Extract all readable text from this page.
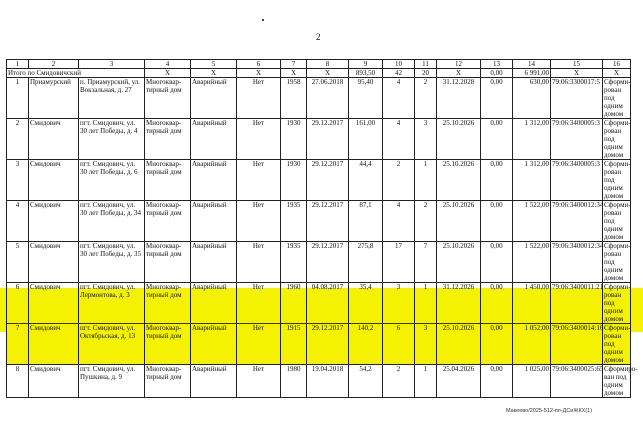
2
1	2	3	4	5	6	7	8	9	10	11	12	13	14	15	16
Итого по Смидовичский			X	X	X	X	X	893,50	42	20	X	0,00	6 991,00	X	X
1	Приамурский	п. Приамурский, ул. Вокзальная, д. 27	Многоквар-тирный дом	Аварийный	Нет	1958	27.06.2018	95,40	4	2	31.12.2028	0,00	630,00	79:06:3300017:5	Сформи-рован под одним домом
2	Смидович	пгт. Смидович, ул. 30 лет Победы, д. 4	Многоквар-тирный дом	Аварийный	Нет	1930	29.12.2017	161,00	4	3	25.10.2026	0,00	1 312,00	79:06:3400005:3	Сформи-рован под одним домом
3	Смидович	пгт. Смидович, ул. 30 лет Победы, д. 6	Многоквар-тирный дом	Аварийный	Нет	1930	29.12.2017	44,4	2	1	25.10.2026	0,00	1 312,00	79:06:3400005:3	Сформи-рован под одним домом
4	Смидович	пгт. Смидович, ул. 30 лет Победы, д. 34	Многоквар-тирный дом	Аварийный	Нет	1935	29.12.2017	87,1	4	2	25.10.2026	0,00	1 522,00	79:06:3400012:34	Сформи-рован под одним домом
5	Смидович	пгт. Смидович, ул. 30 лет Победы, д. 35	Многоквар-тирный дом	Аварийный	Нет	1935	29.12.2017	275,8	17	7	25.10.2026	0,00	1 522,00	79:06:3400012:34	Сформи-рован под одним домом
6	Смидович	пгт. Смидович, ул. Лермонтова, д. 3	Многоквар-тирный дом	Аварийный	Нет	1960	04.08.2017	35,4	3	1	31.12.2026	0,00	1 450,00	79:06:3400011:21	Сформи-рован под одним домом
7	Смидович	пгт. Смидович, ул. Октябрьская, д. 13	Многоквар-тирный дом	Аварийный	Нет	1915	29.12.2017	140,2	6	3	25.10.2026	0,00	1 052,00	79:06:3400014:16	Сформи-рован под одним домом
8	Смидович	пгт. Смидович, ул. Пушкина, д. 9	Многоквар-тирный дом	Аварийный	Нет	1980	19.04.2018	54,2	2	1	25.04.2026	0,00	1 025,00	79:06:3400025:65	Сформиро-ван под одним домом
Макеево/2025-512-пп-ДСиЖКХ(1)
